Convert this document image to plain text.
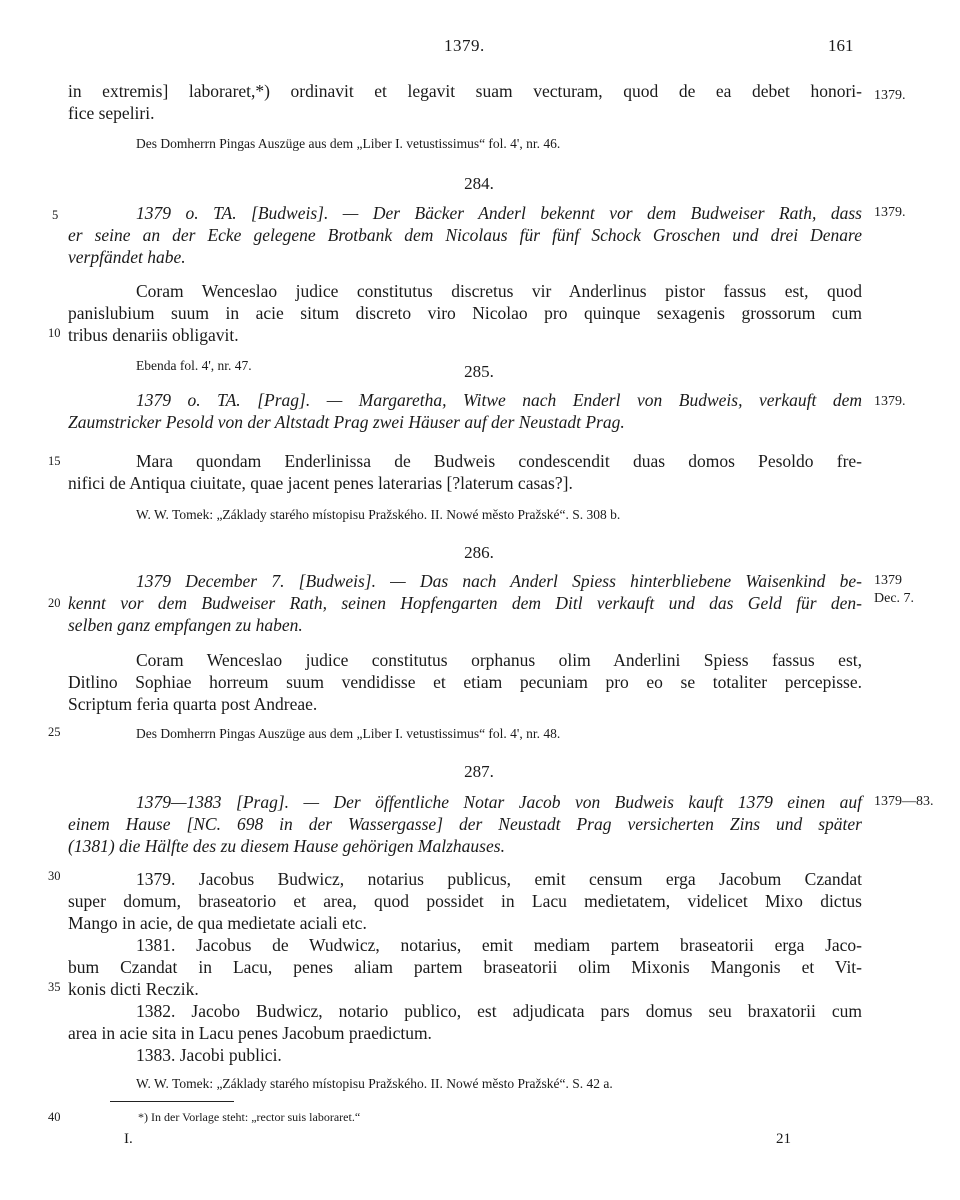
1379.	161
in extremis] laboraret,*) ordinavit et legavit suam vecturam, quod de ea debet honori-
fice sepeliri.
Des Domherrn Pingas Auszüge aus dem „Liber I. vetustissimus“ fol. 4', nr. 46.
1379.
284.
1379 o. TA. [Budweis]. — Der Bäcker Anderl bekennt vor dem Budweiser Rath, dass
er seine an der Ecke gelegene Brotbank dem Nicolaus für fünf Schock Groschen und drei Denare
verpfändet habe.
Coram Wenceslao judice constitutus discretus vir Anderlinus pistor fassus est, quod
panislubium suum in acie situm discreto viro Nicolao pro quinque sexagenis grossorum cum
tribus denariis obligavit.
Ebenda fol. 4', nr. 47.
1379.
285.
1379 o. TA. [Prag]. — Margaretha, Witwe nach Enderl von Budweis, verkauft dem
Zaumstricker Pesold von der Altstadt Prag zwei Häuser auf der Neustadt Prag.
Mara quondam Enderlinissa de Budweis condescendit duas domos Pesoldo fre-
nifici de Antiqua ciuitate, quae jacent penes laterarias [?laterum casas?].
W. W. Tomek: „Základy starého místopisu Pražského. II. Nowé město Pražské“. S. 308 b.
1379.
286.
1379 December 7. [Budweis]. — Das nach Anderl Spiess hinterbliebene Waisenkind be-
kennt vor dem Budweiser Rath, seinen Hopfengarten dem Ditl verkauft und das Geld für den-
selben ganz empfangen zu haben.
Coram Wenceslao judice constitutus orphanus olim Anderlini Spiess fassus est,
Ditlino Sophiae horreum suum vendidisse et etiam pecuniam pro eo se totaliter percepisse.
Scriptum feria quarta post Andreae.
Des Domherrn Pingas Auszüge aus dem „Liber I. vetustissimus“ fol. 4', nr. 48.
1379
Dec. 7.
287.
1379—1383 [Prag]. — Der öffentliche Notar Jacob von Budweis kauft 1379 einen auf
einem Hause [NC. 698 in der Wassergasse] der Neustadt Prag versicherten Zins und später
(1381) die Hälfte des zu diesem Hause gehörigen Malzhauses.
1379. Jacobus Budwicz, notarius publicus, emit censum erga Jacobum Czandat
super domum, braseatorio et area, quod possidet in Lacu medietatem, videlicet Mixo dictus
Mango in acie, de qua medietate aciali etc.
1381. Jacobus de Wudwicz, notarius, emit mediam partem braseatorii erga Jaco-
bum Czandat in Lacu, penes aliam partem braseatorii olim Mixonis Mangonis et Vit-
konis dicti Reczik.
1382. Jacobo Budwicz, notario publico, est adjudicata pars domus seu braxatorii cum
area in acie sita in Lacu penes Jacobum praedictum.
1383. Jacobi publici.
W. W. Tomek: „Základy starého místopisu Pražského. II. Nowé město Pražské“. S. 42 a.
1379—83.
*) In der Vorlage steht: „rector suis laboraret.“
I.	21
5
10
15
20
25
30
35
40
